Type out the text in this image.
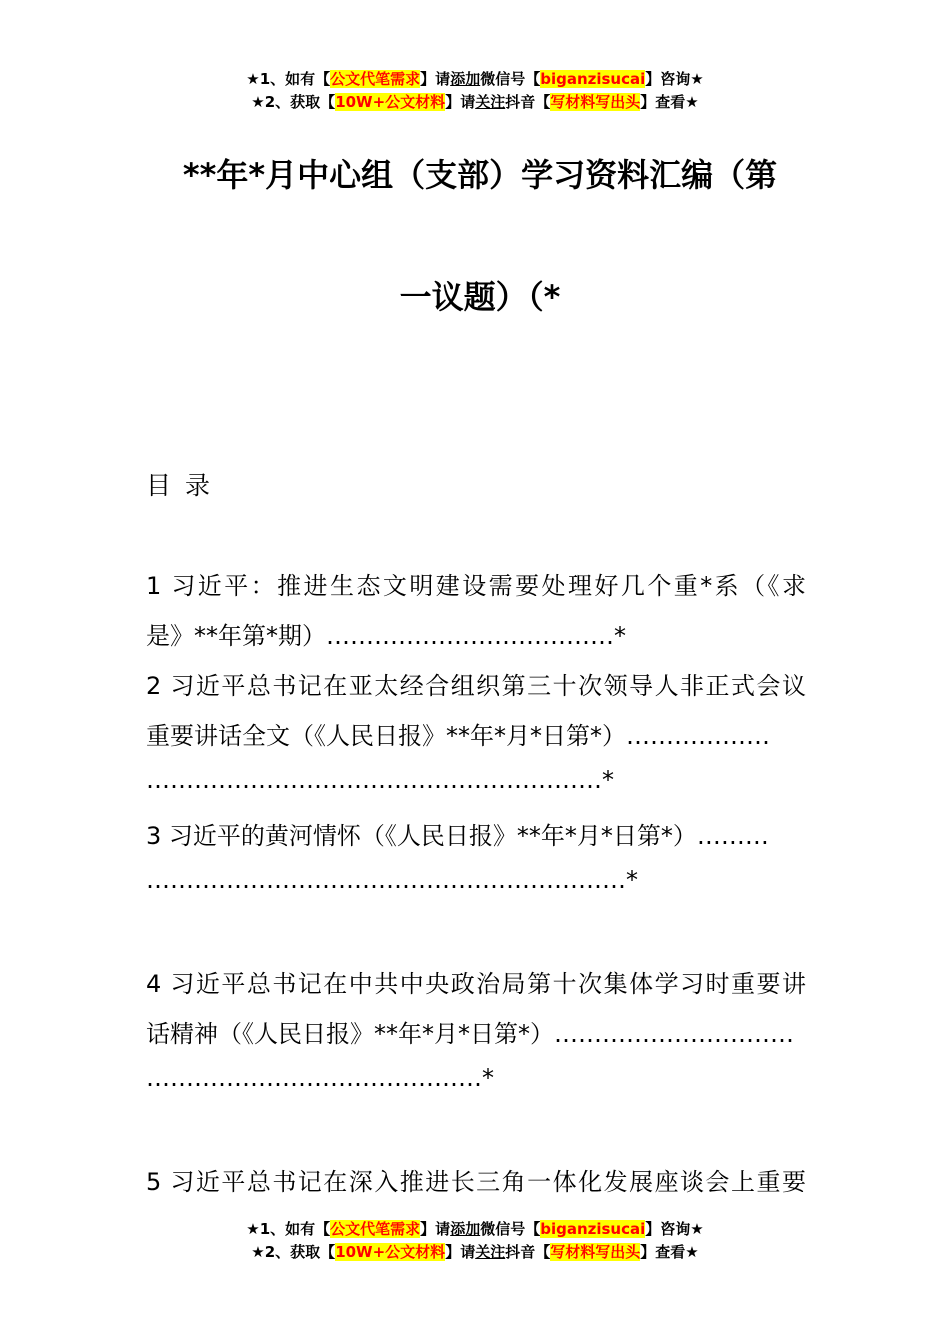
★1、如有【公文代笔需求】请添加微信号【biganzisucai】咨询★
★2、获取【10W+公文材料】请关注抖音【写材料写出头】查看★
**年*月中心组（支部）学习资料汇编（第
一议题）（*
目录
1 习近平：推进生态文明建设需要处理好几个重*系（《求
是》**年第*期）………………………………*
2 习近平总书记在亚太经合组织第三十次领导人非正式会议
重要讲话全文（《人民日报》**年*月*日第*）………………
…………………………………………………*
3 习近平的黄河情怀（《人民日报》**年*月*日第*）………
……………………………………………………*
4 习近平总书记在中共中央政治局第十次集体学习时重要讲
话精神（《人民日报》**年*月*日第*）…………………………
……………………………………*
5 习近平总书记在深入推进长三角一体化发展座谈会上重要
★1、如有【公文代笔需求】请添加微信号【biganzisucai】咨询★
★2、获取【10W+公文材料】请关注抖音【写材料写出头】查看★
